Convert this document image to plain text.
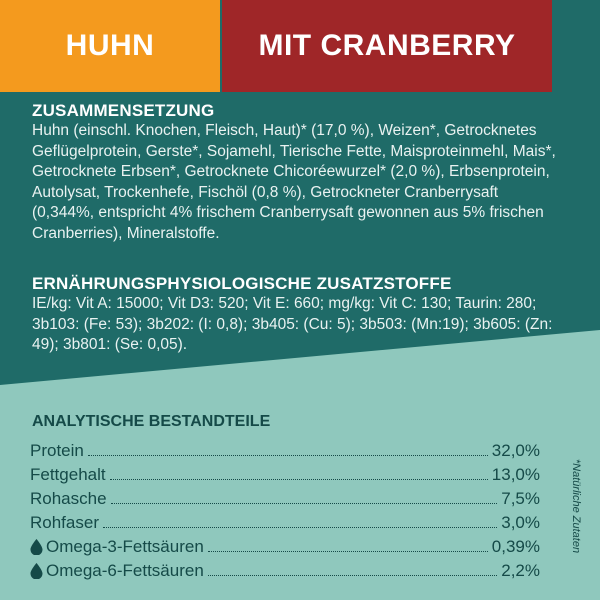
HUHN	MIT CRANBERRY
ZUSAMMENSETZUNG
Huhn (einschl. Knochen, Fleisch, Haut)* (17,0 %), Weizen*, Getrocknetes Geflügelprotein, Gerste*, Sojamehl, Tierische Fette, Maisproteinmehl, Mais*, Getrocknete Erbsen*, Getrocknete Chicoréewurzel* (2,0 %), Erbsenprotein, Autolysat, Trockenhefe, Fischöl (0,8 %), Getrockneter Cranberrysaft (0,344%, entspricht 4% frischem Cranberrysaft gewonnen aus 5% frischen Cranberries), Mineralstoffe.
ERNÄHRUNGSPHYSIOLOGISCHE ZUSATZSTOFFE
IE/kg: Vit A: 15000; Vit D3: 520; Vit E: 660; mg/kg: Vit C: 130; Taurin: 280; 3b103: (Fe: 53); 3b202: (I: 0,8); 3b405: (Cu: 5); 3b503: (Mn:19); 3b605: (Zn: 49); 3b801: (Se: 0,05).
ANALYTISCHE BESTANDTEILE
*Natürliche Zutaten
Protein	32,0%
Fettgehalt	13,0%
Rohasche	7,5%
Rohfaser	3,0%
Omega-3-Fettsäuren	0,39%
Omega-6-Fettsäuren	2,2%
